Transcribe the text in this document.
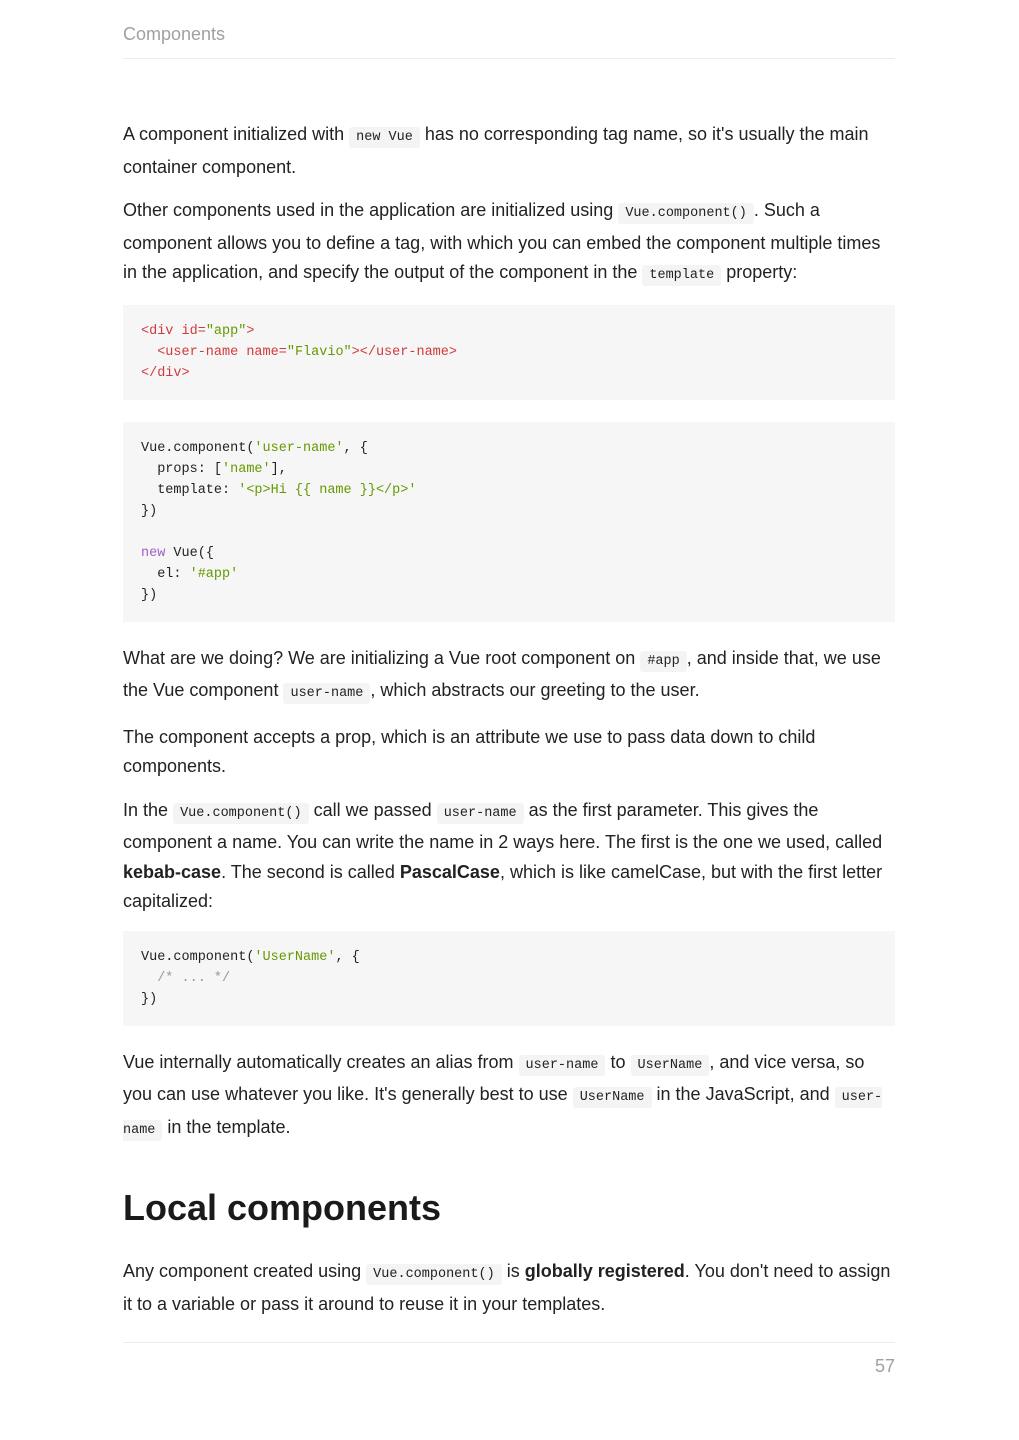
Components

A component initialized with new Vue has no corresponding tag name, so it's usually the main container component.

Other components used in the application are initialized using Vue.component() . Such a component allows you to define a tag, with which you can embed the component multiple times in the application, and specify the output of the component in the template property:

<div id="app">
<user-name name="Flavio"></user-name>
</div>
Vue.component('user-name', {
props: ['name'],
template: '<p>Hi {{ name }}</p>'
})

new Vue({
el: '#app'
})

What are we doing? We are initializing a Vue root component on #app , and inside that, we use the Vue component user-name , which abstracts our greeting to the user.

The component accepts a prop, which is an attribute we use to pass data down to child components.

In the Vue.component() call we passed user-name as the first parameter. This gives the component a name. You can write the name in 2 ways here. The first is the one we used, called kebab-case. The second is called PascalCase, which is like camelCase, but with the first letter capitalized:

Vue.component('UserName', {
/* ... */
})

Vue internally automatically creates an alias from user-name to UserName , and vice versa, so you can use whatever you like. It's generally best to use UserName in the JavaScript, and user-name in the template.

Local components

Any component created using Vue.component() is globally registered. You don't need to assign it to a variable or pass it around to reuse it in your templates.

57
